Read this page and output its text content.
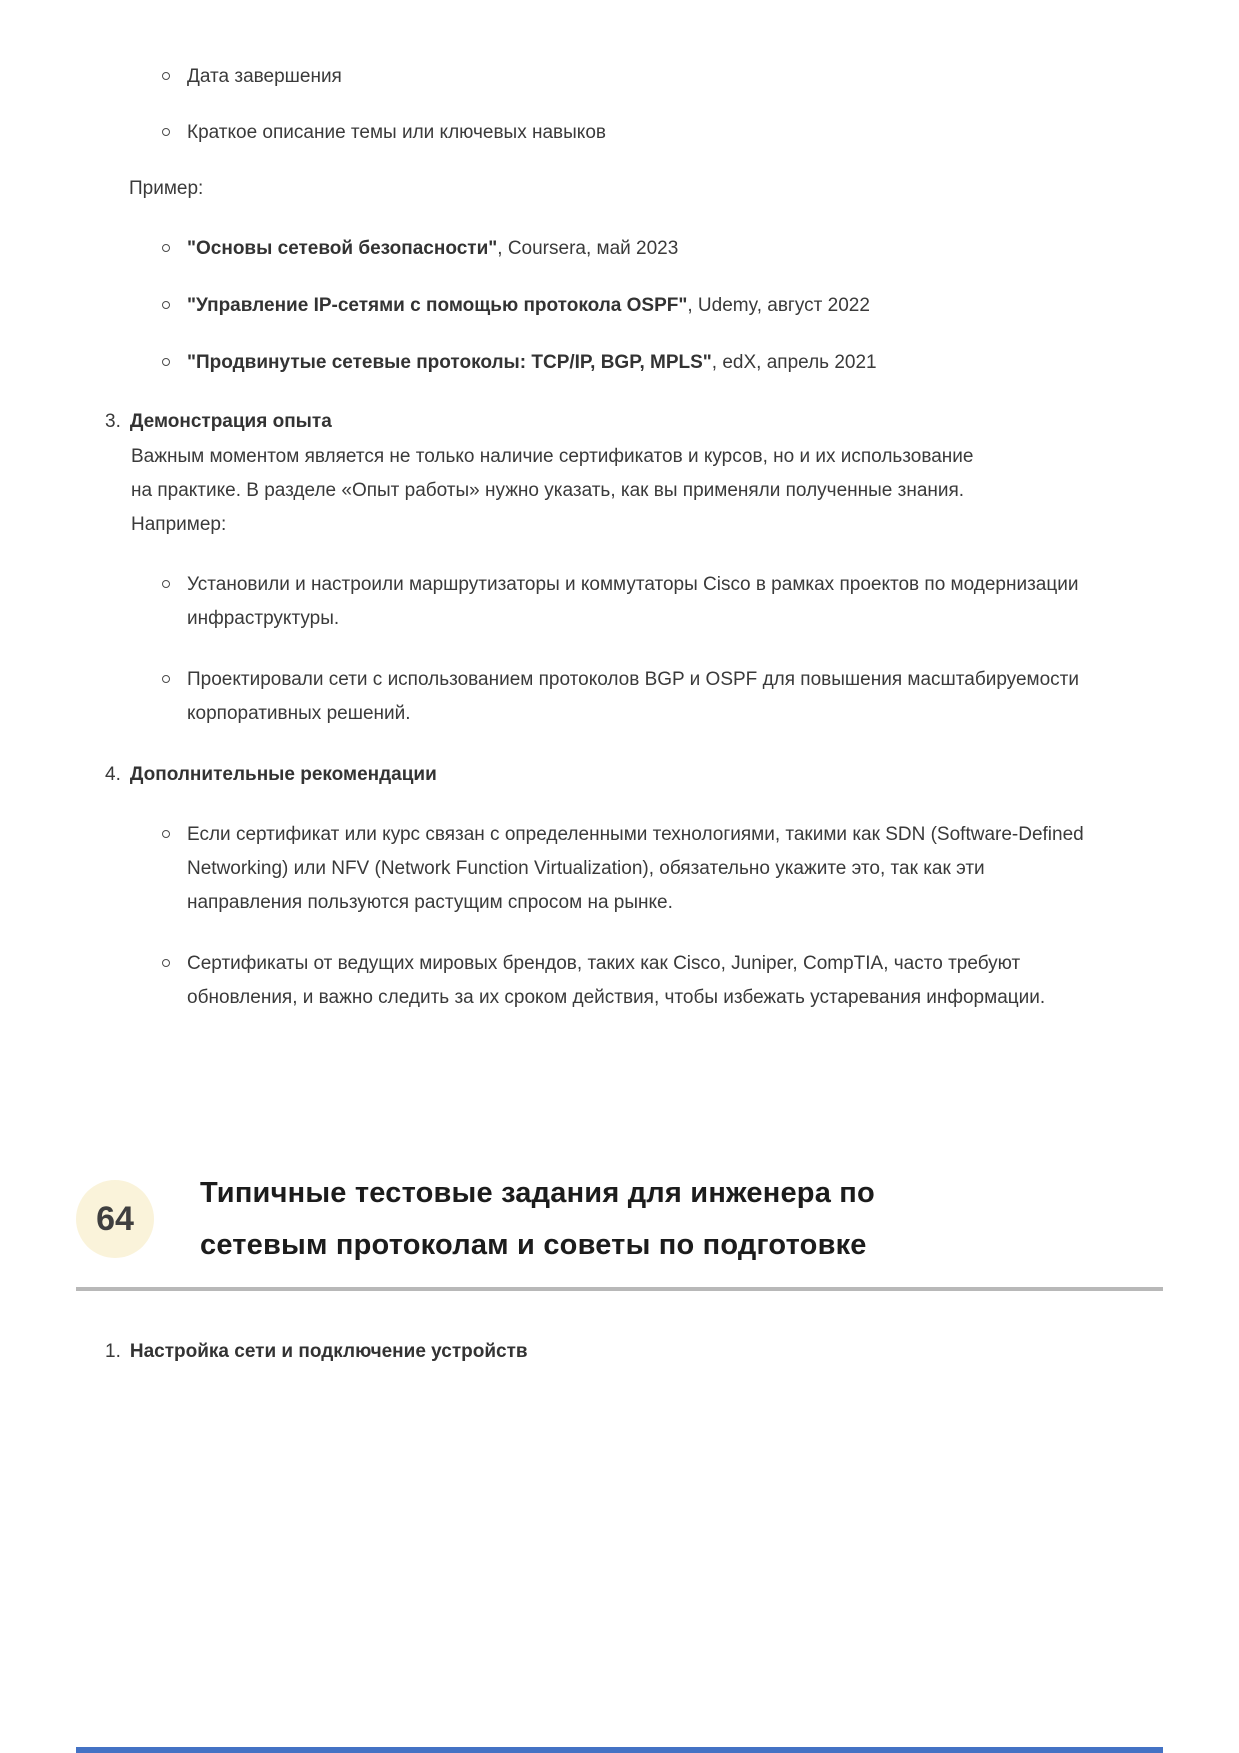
Дата завершения
Краткое описание темы или ключевых навыков
Пример:
"Основы сетевой безопасности", Coursera, май 2023
"Управление IP-сетями с помощью протокола OSPF", Udemy, август 2022
"Продвинутые сетевые протоколы: TCP/IP, BGP, MPLS", edX, апрель 2021
3. Демонстрация опыта
Важным моментом является не только наличие сертификатов и курсов, но и их использование на практике. В разделе «Опыт работы» нужно указать, как вы применяли полученные знания. Например:
Установили и настроили маршрутизаторы и коммутаторы Cisco в рамках проектов по модернизации инфраструктуры.
Проектировали сети с использованием протоколов BGP и OSPF для повышения масштабируемости корпоративных решений.
4. Дополнительные рекомендации
Если сертификат или курс связан с определенными технологиями, такими как SDN (Software-Defined Networking) или NFV (Network Function Virtualization), обязательно укажите это, так как эти направления пользуются растущим спросом на рынке.
Сертификаты от ведущих мировых брендов, таких как Cisco, Juniper, CompTIA, часто требуют обновления, и важно следить за их сроком действия, чтобы избежать устаревания информации.
64
Типичные тестовые задания для инженера по
сетевым протоколам и советы по подготовке
1. Настройка сети и подключение устройств
